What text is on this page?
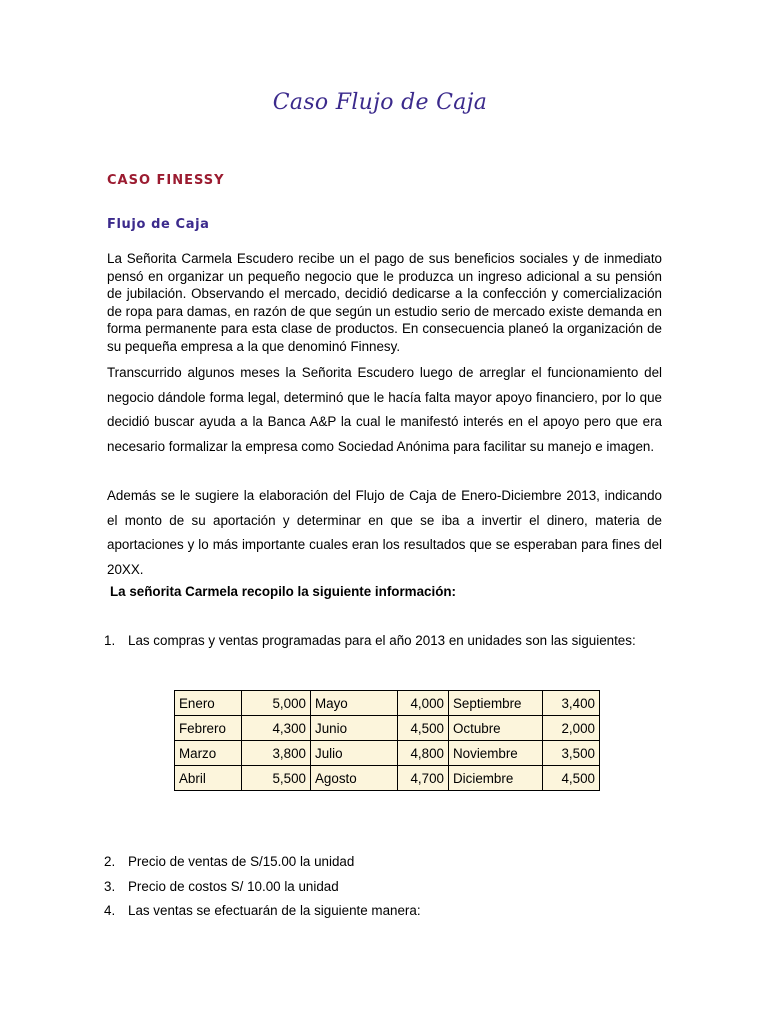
Caso Flujo de Caja
CASO FINESSY
Flujo de Caja

La Señorita Carmela Escudero recibe un el pago de sus beneficios sociales y de inmediato pensó en organizar un pequeño negocio que le produzca un ingreso adicional a su pensión de jubilación. Observando el mercado, decidió dedicarse a la confección y comercialización de ropa para damas, en razón de que según un estudio serio de mercado existe demanda en forma permanente para esta clase de productos. En consecuencia planeó la organización de su pequeña empresa a la que denominó Finnesy.

Transcurrido algunos meses la Señorita Escudero luego de arreglar el funcionamiento del negocio dándole forma legal, determinó que le hacía falta mayor apoyo financiero, por lo que decidió buscar ayuda a la Banca A&P la cual le manifestó interés en el apoyo pero que era necesario formalizar la empresa como Sociedad Anónima para facilitar su manejo e imagen.

Además se le sugiere la elaboración del Flujo de Caja de Enero-Diciembre 2013, indicando el monto de su aportación y determinar en que se iba a invertir el dinero, materia de aportaciones y lo más importante cuales eran los resultados que se esperaban para fines del 20XX.

La señorita Carmela recopilo la siguiente información:
1. Las compras y ventas programadas para el año 2013 en unidades son las siguientes:
Enero	5,000	Mayo	4,000	Septiembre	3,400
Febrero	4,300	Junio	4,500	Octubre	2,000
Marzo	3,800	Julio	4,800	Noviembre	3,500
Abril	5,500	Agosto	4,700	Diciembre	4,500
2. Precio de ventas de S/15.00 la unidad
3. Precio de costos S/ 10.00 la unidad
4. Las ventas se efectuarán de la siguiente manera:
